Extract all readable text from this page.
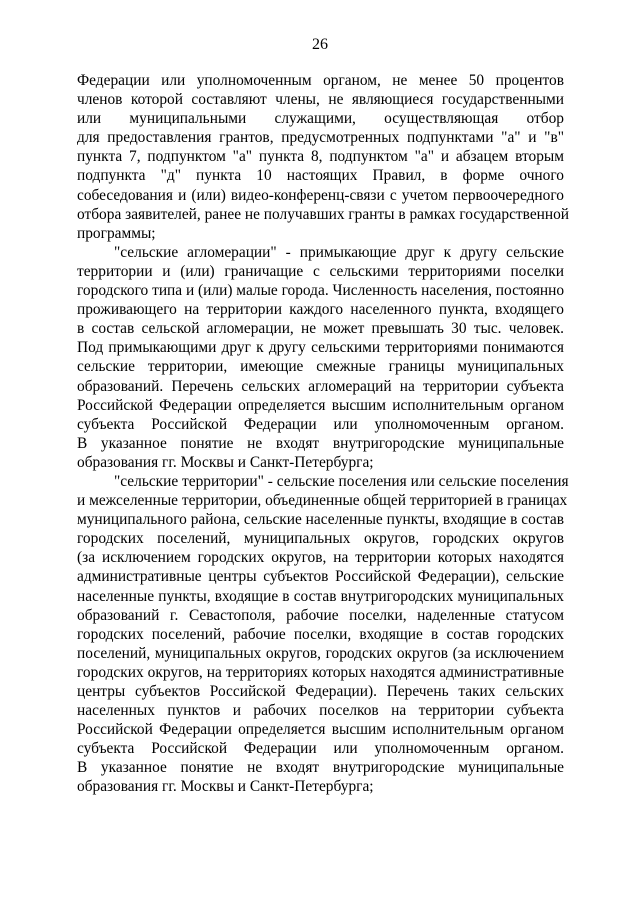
26
Федерации или уполномоченным органом, не менее 50 процентов
членов которой составляют члены, не являющиеся государственными
или муниципальными служащими, осуществляющая отбор
для предоставления грантов, предусмотренных подпунктами "а" и "в"
пункта 7, подпунктом "а" пункта 8, подпунктом "а" и абзацем вторым
подпункта "д" пункта 10 настоящих Правил, в форме очного
собеседования и (или) видео-конференц-связи с учетом первоочередного
отбора заявителей, ранее не получавших гранты в рамках государственной
программы;
"сельские агломерации" - примыкающие друг к другу сельские
территории и (или) граничащие с сельскими территориями поселки
городского типа и (или) малые города. Численность населения, постоянно
проживающего на территории каждого населенного пункта, входящего
в состав сельской агломерации, не может превышать 30 тыс. человек.
Под примыкающими друг к другу сельскими территориями понимаются
сельские территории, имеющие смежные границы муниципальных
образований. Перечень сельских агломераций на территории субъекта
Российской Федерации определяется высшим исполнительным органом
субъекта Российской Федерации или уполномоченным органом.
В указанное понятие не входят внутригородские муниципальные
образования гг. Москвы и Санкт-Петербурга;
"сельские территории" - сельские поселения или сельские поселения
и межселенные территории, объединенные общей территорией в границах
муниципального района, сельские населенные пункты, входящие в состав
городских поселений, муниципальных округов, городских округов
(за исключением городских округов, на территории которых находятся
административные центры субъектов Российской Федерации), сельские
населенные пункты, входящие в состав внутригородских муниципальных
образований г. Севастополя, рабочие поселки, наделенные статусом
городских поселений, рабочие поселки, входящие в состав городских
поселений, муниципальных округов, городских округов (за исключением
городских округов, на территориях которых находятся административные
центры субъектов Российской Федерации). Перечень таких сельских
населенных пунктов и рабочих поселков на территории субъекта
Российской Федерации определяется высшим исполнительным органом
субъекта Российской Федерации или уполномоченным органом.
В указанное понятие не входят внутригородские муниципальные
образования гг. Москвы и Санкт-Петербурга;
